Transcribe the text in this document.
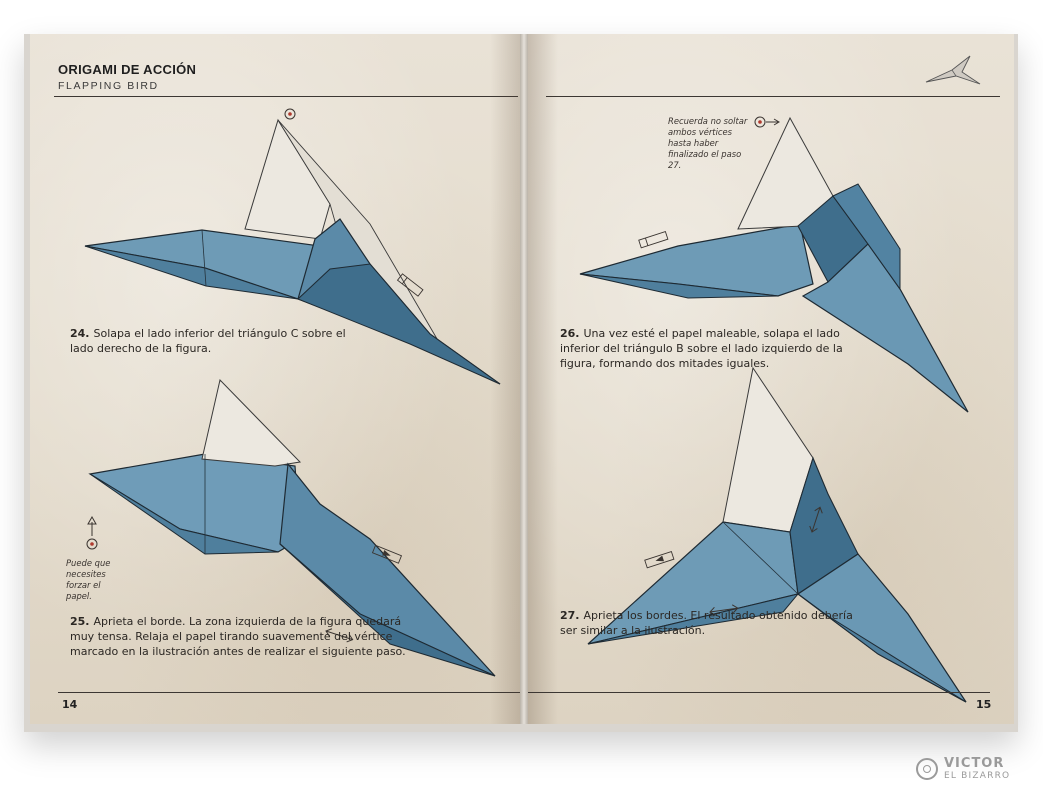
ORIGAMI DE ACCIÓN
FLAPPING BIRD
24. Solapa el lado inferior del triángulo C sobre el lado derecho de la figura.
Puede que necesites forzar el papel.
25. Aprieta el borde. La zona izquierda de la figura quedará muy tensa. Relaja el papel tirando suavemente del vértice marcado en la ilustración antes de realizar el siguiente paso.
14
Recuerda no soltar ambos vértices hasta haber finalizado el paso 27.
26. Una vez esté el papel maleable, solapa el lado inferior del triángulo B sobre el lado izquierdo de la figura, formando dos mitades iguales.
27. Aprieta los bordes. El resultado obtenido debería ser similar a la ilustración.
15
VICTOR
EL BIZARRO
